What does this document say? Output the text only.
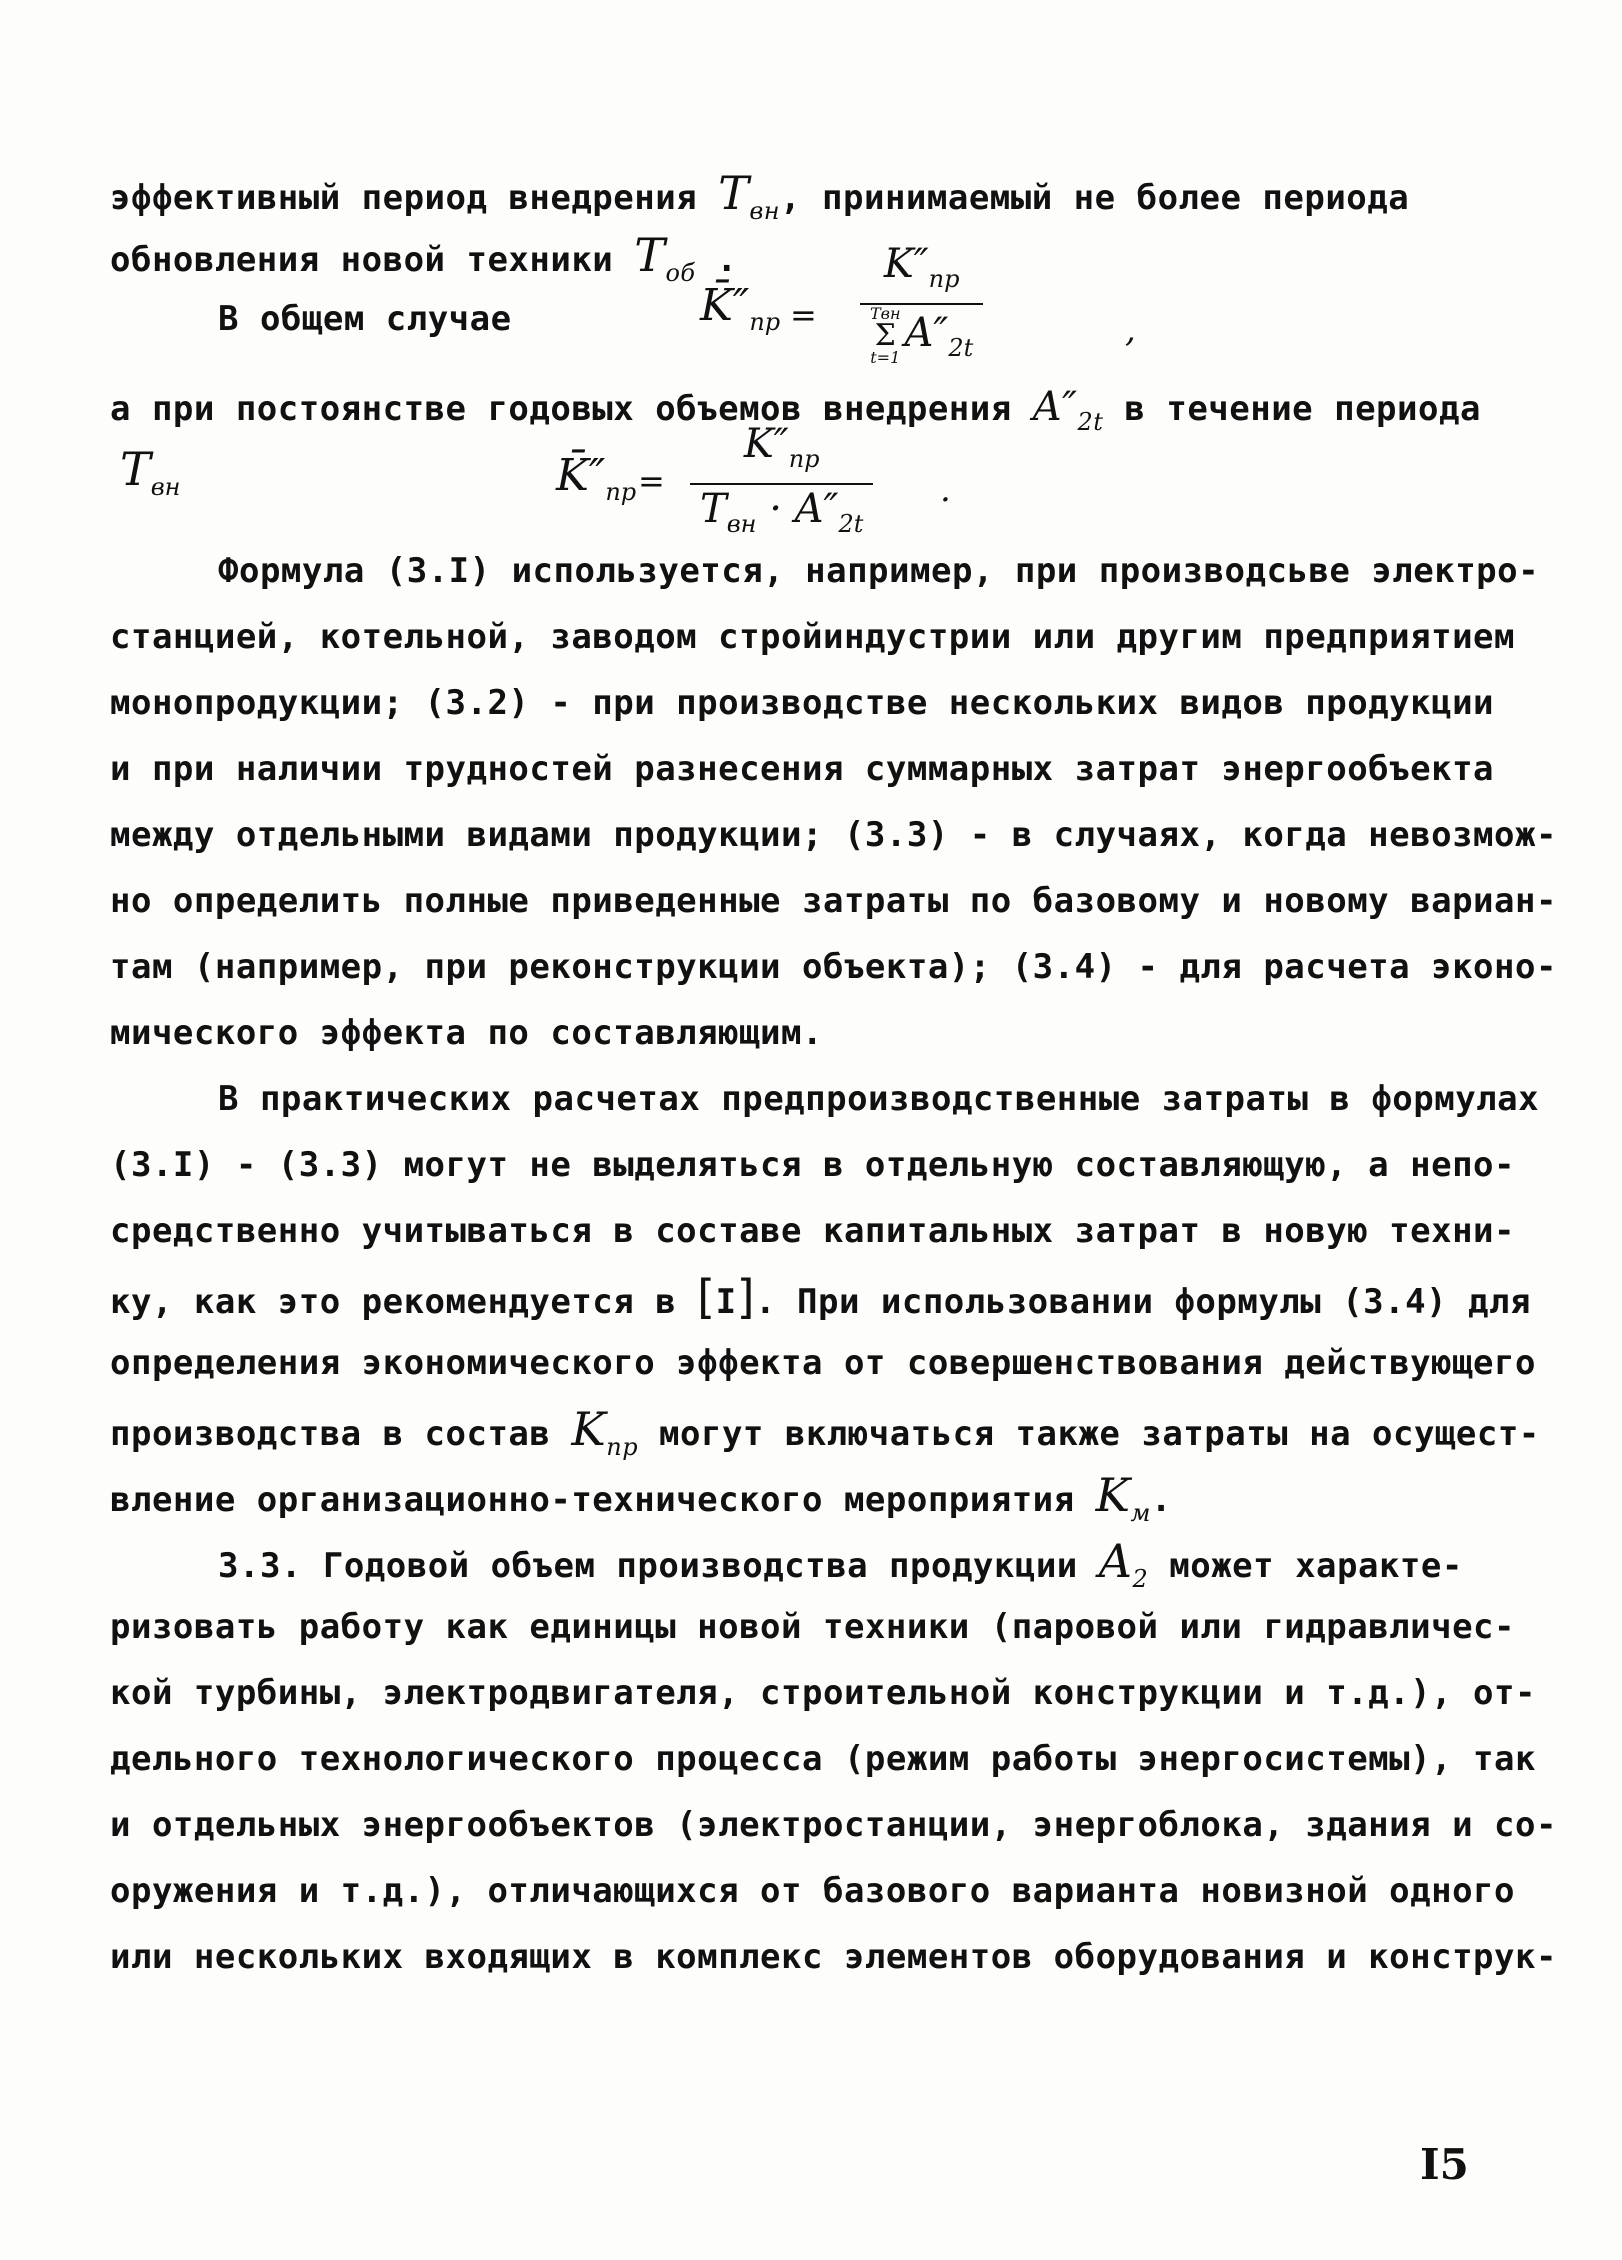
эффективный период внедрения $T_{вн}$, принимаемый не более периода
обновления новой техники $T_{об}$ .
В общем случае	K̄″пр =
$K''_{пр}$
Tвн
Σ
t=1
$A''_{2t}$	,
а при постоянстве годовых объемов внедрения $A''_{2t}$ в течение периода
Tвн	K̄″пр =
$K''_{пр}$
$T_{вн} \cdot A''_{2t}$
.
Формула (3.I) используется, например, при производсьве электро-
станцией, котельной, заводом стройиндустрии или другим предприятием
монопродукции; (3.2) - при производстве нескольких видов продукции
и при наличии трудностей разнесения суммарных затрат энергообъекта
между отдельными видами продукции; (3.3) - в случаях, когда невозмож-
но определить полные приведенные затраты по базовому и новому вариан-
там (например, при реконструкции объекта); (3.4) - для расчета эконо-
мического эффекта по составляющим.
В практических расчетах предпроизводственные затраты в формулах
(3.I) - (3.3) могут не выделяться в отдельную составляющую, а непо-
средственно учитываться в составе капитальных затрат в новую техни-
ку, как это рекомендуется в [I]. При использовании формулы (3.4) для
определения экономического эффекта от совершенствования действующего
производства в состав $K_{пр}$ могут включаться также затраты на осущест-
вление организационно-технического мероприятия $K_м$.
3.3. Годовой объем производства продукции $A_2$ может характе-
ризовать работу как единицы новой техники (паровой или гидравличес-
кой турбины, электродвигателя, строительной конструкции и т.д.), от-
дельного технологического процесса (режим работы энергосистемы), так
и отдельных энергообъектов (электростанции, энергоблока, здания и со-
оружения и т.д.), отличающихся от базового варианта новизной одного
или нескольких входящих в комплекс элементов оборудования и конструк-
I5
